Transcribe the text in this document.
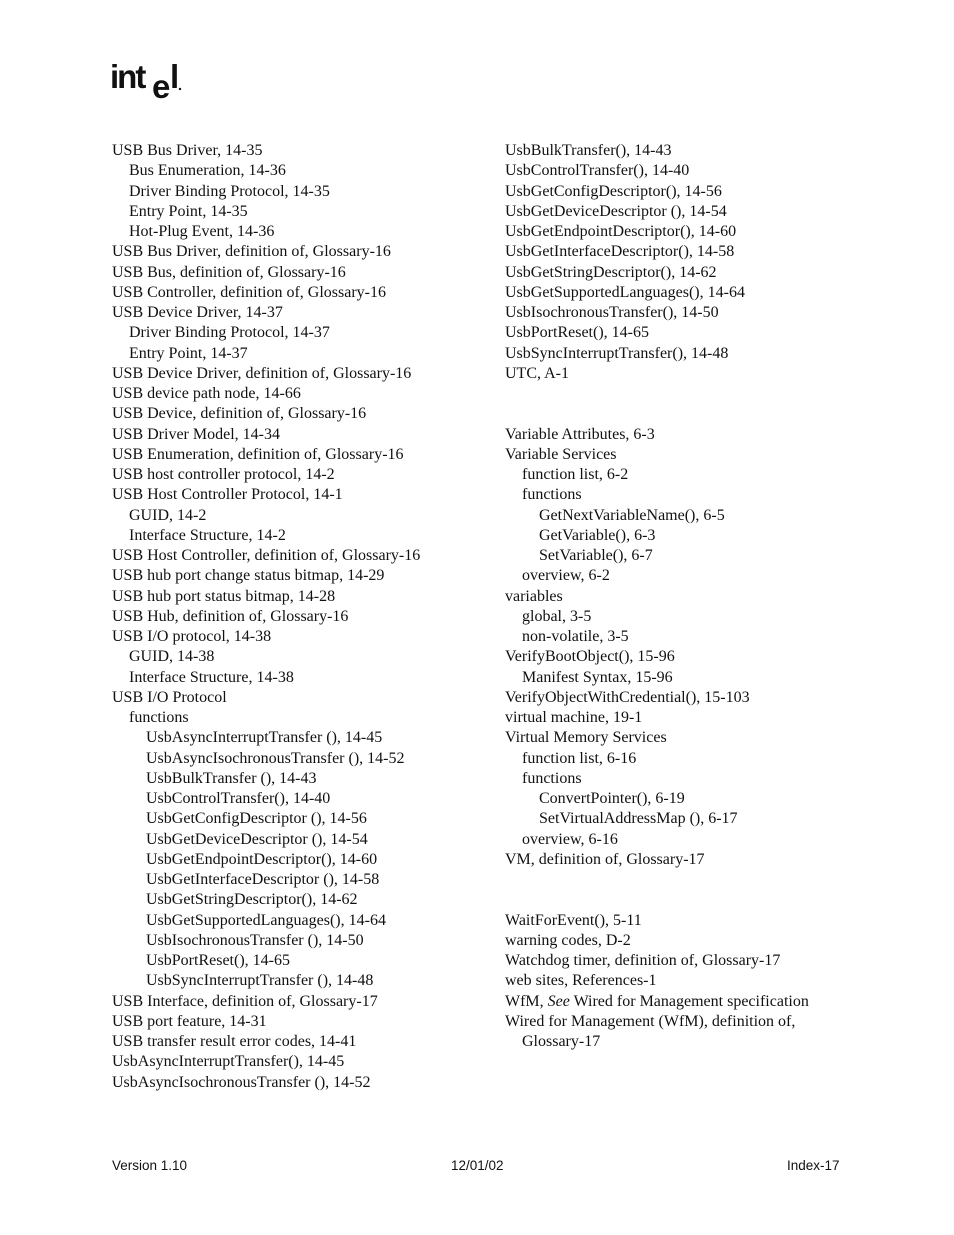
int e l
USB Bus Driver, 14-35
Bus Enumeration, 14-36
Driver Binding Protocol, 14-35
Entry Point, 14-35
Hot-Plug Event, 14-36
USB Bus Driver, definition of, Glossary-16
USB Bus, definition of, Glossary-16
USB Controller, definition of, Glossary-16
USB Device Driver, 14-37
Driver Binding Protocol, 14-37
Entry Point, 14-37
USB Device Driver, definition of, Glossary-16
USB device path node, 14-66
USB Device, definition of, Glossary-16
USB Driver Model, 14-34
USB Enumeration, definition of, Glossary-16
USB host controller protocol, 14-2
USB Host Controller Protocol, 14-1
GUID, 14-2
Interface Structure, 14-2
USB Host Controller, definition of, Glossary-16
USB hub port change status bitmap, 14-29
USB hub port status bitmap, 14-28
USB Hub, definition of, Glossary-16
USB I/O protocol, 14-38
GUID, 14-38
Interface Structure, 14-38
USB I/O Protocol
functions
UsbAsyncInterruptTransfer (), 14-45
UsbAsyncIsochronousTransfer (), 14-52
UsbBulkTransfer (), 14-43
UsbControlTransfer(), 14-40
UsbGetConfigDescriptor (), 14-56
UsbGetDeviceDescriptor (), 14-54
UsbGetEndpointDescriptor(), 14-60
UsbGetInterfaceDescriptor (), 14-58
UsbGetStringDescriptor(), 14-62
UsbGetSupportedLanguages(), 14-64
UsbIsochronousTransfer (), 14-50
UsbPortReset(), 14-65
UsbSyncInterruptTransfer (), 14-48
USB Interface, definition of, Glossary-17
USB port feature, 14-31
USB transfer result error codes, 14-41
UsbAsyncInterruptTransfer(), 14-45
UsbAsyncIsochronousTransfer (), 14-52
UsbBulkTransfer(), 14-43
UsbControlTransfer(), 14-40
UsbGetConfigDescriptor(), 14-56
UsbGetDeviceDescriptor (), 14-54
UsbGetEndpointDescriptor(), 14-60
UsbGetInterfaceDescriptor(), 14-58
UsbGetStringDescriptor(), 14-62
UsbGetSupportedLanguages(), 14-64
UsbIsochronousTransfer(), 14-50
UsbPortReset(), 14-65
UsbSyncInterruptTransfer(), 14-48
UTC, A-1
Variable Attributes, 6-3
Variable Services
function list, 6-2
functions
GetNextVariableName(), 6-5
GetVariable(), 6-3
SetVariable(), 6-7
overview, 6-2
variables
global, 3-5
non-volatile, 3-5
VerifyBootObject(), 15-96
Manifest Syntax, 15-96
VerifyObjectWithCredential(), 15-103
virtual machine, 19-1
Virtual Memory Services
function list, 6-16
functions
ConvertPointer(), 6-19
SetVirtualAddressMap (), 6-17
overview, 6-16
VM, definition of, Glossary-17
WaitForEvent(), 5-11
warning codes, D-2
Watchdog timer, definition of, Glossary-17
web sites, References-1
WfM, See Wired for Management specification
Wired for Management (WfM), definition of,
Glossary-17
Version 1.10	12/01/02	Index-17
